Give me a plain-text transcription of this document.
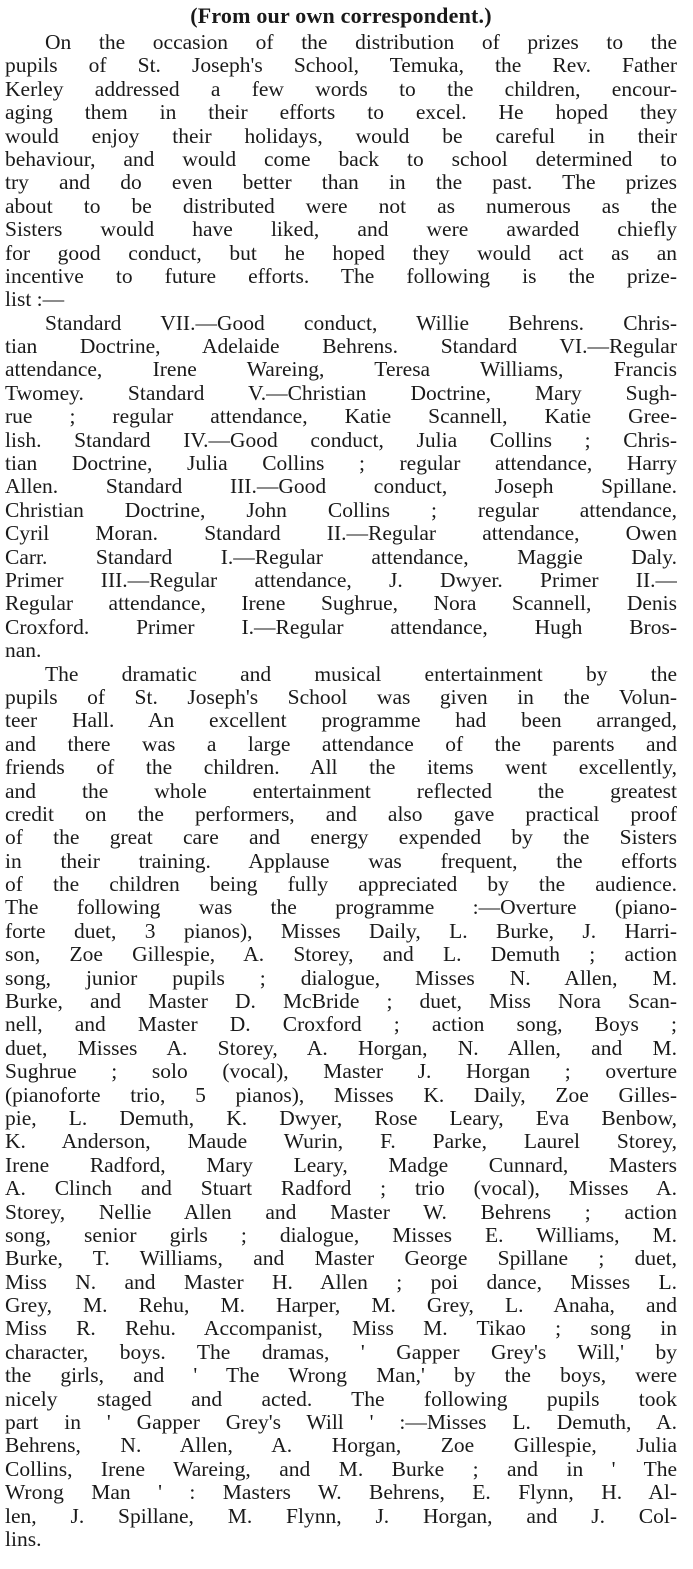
(From our own correspondent.)
On the occasion of the distribution of prizes to the
pupils of St. Joseph's School, Temuka, the Rev. Father
Kerley addressed a few words to the children, encour-
aging them in their efforts to excel. He hoped they
would enjoy their holidays, would be careful in their
behaviour, and would come back to school determined to
try and do even better than in the past. The prizes
about to be distributed were not as numerous as the
Sisters would have liked, and were awarded chiefly
for good conduct, but he hoped they would act as an
incentive to future efforts. The following is the prize-
list :—
Standard VII.—Good conduct, Willie Behrens. Chris-
tian Doctrine, Adelaide Behrens. Standard VI.—Regular
attendance, Irene Wareing, Teresa Williams, Francis
Twomey. Standard V.—Christian Doctrine, Mary Sugh-
rue ; regular attendance, Katie Scannell, Katie Gree-
lish. Standard IV.—Good conduct, Julia Collins ; Chris-
tian Doctrine, Julia Collins ; regular attendance, Harry
Allen. Standard III.—Good conduct, Joseph Spillane.
Christian Doctrine, John Collins ; regular attendance,
Cyril Moran. Standard II.—Regular attendance, Owen
Carr. Standard I.—Regular attendance, Maggie Daly.
Primer III.—Regular attendance, J. Dwyer. Primer II.—
Regular attendance, Irene Sughrue, Nora Scannell, Denis
Croxford. Primer I.—Regular attendance, Hugh Bros-
nan.
The dramatic and musical entertainment by the
pupils of St. Joseph's School was given in the Volun-
teer Hall. An excellent programme had been arranged,
and there was a large attendance of the parents and
friends of the children. All the items went excellently,
and the whole entertainment reflected the greatest
credit on the performers, and also gave practical proof
of the great care and energy expended by the Sisters
in their training. Applause was frequent, the efforts
of the children being fully appreciated by the audience.
The following was the programme :—Overture (piano-
forte duet, 3 pianos), Misses Daily, L. Burke, J. Harri-
son, Zoe Gillespie, A. Storey, and L. Demuth ; action
song, junior pupils ; dialogue, Misses N. Allen, M.
Burke, and Master D. McBride ; duet, Miss Nora Scan-
nell, and Master D. Croxford ; action song, Boys ;
duet, Misses A. Storey, A. Horgan, N. Allen, and M.
Sughrue ; solo (vocal), Master J. Horgan ; overture
(pianoforte trio, 5 pianos), Misses K. Daily, Zoe Gilles-
pie, L. Demuth, K. Dwyer, Rose Leary, Eva Benbow,
K. Anderson, Maude Wurin, F. Parke, Laurel Storey,
Irene Radford, Mary Leary, Madge Cunnard, Masters
A. Clinch and Stuart Radford ; trio (vocal), Misses A.
Storey, Nellie Allen and Master W. Behrens ; action
song, senior girls ; dialogue, Misses E. Williams, M.
Burke, T. Williams, and Master George Spillane ; duet,
Miss N. and Master H. Allen ; poi dance, Misses L.
Grey, M. Rehu, M. Harper, M. Grey, L. Anaha, and
Miss R. Rehu. Accompanist, Miss M. Tikao ; song in
character, boys. The dramas, ' Gapper Grey's Will,' by
the girls, and ' The Wrong Man,' by the boys, were
nicely staged and acted. The following pupils took
part in ' Gapper Grey's Will ' :—Misses L. Demuth, A.
Behrens, N. Allen, A. Horgan, Zoe Gillespie, Julia
Collins, Irene Wareing, and M. Burke ; and in ' The
Wrong Man ' : Masters W. Behrens, E. Flynn, H. Al-
len, J. Spillane, M. Flynn, J. Horgan, and J. Col-
lins.
